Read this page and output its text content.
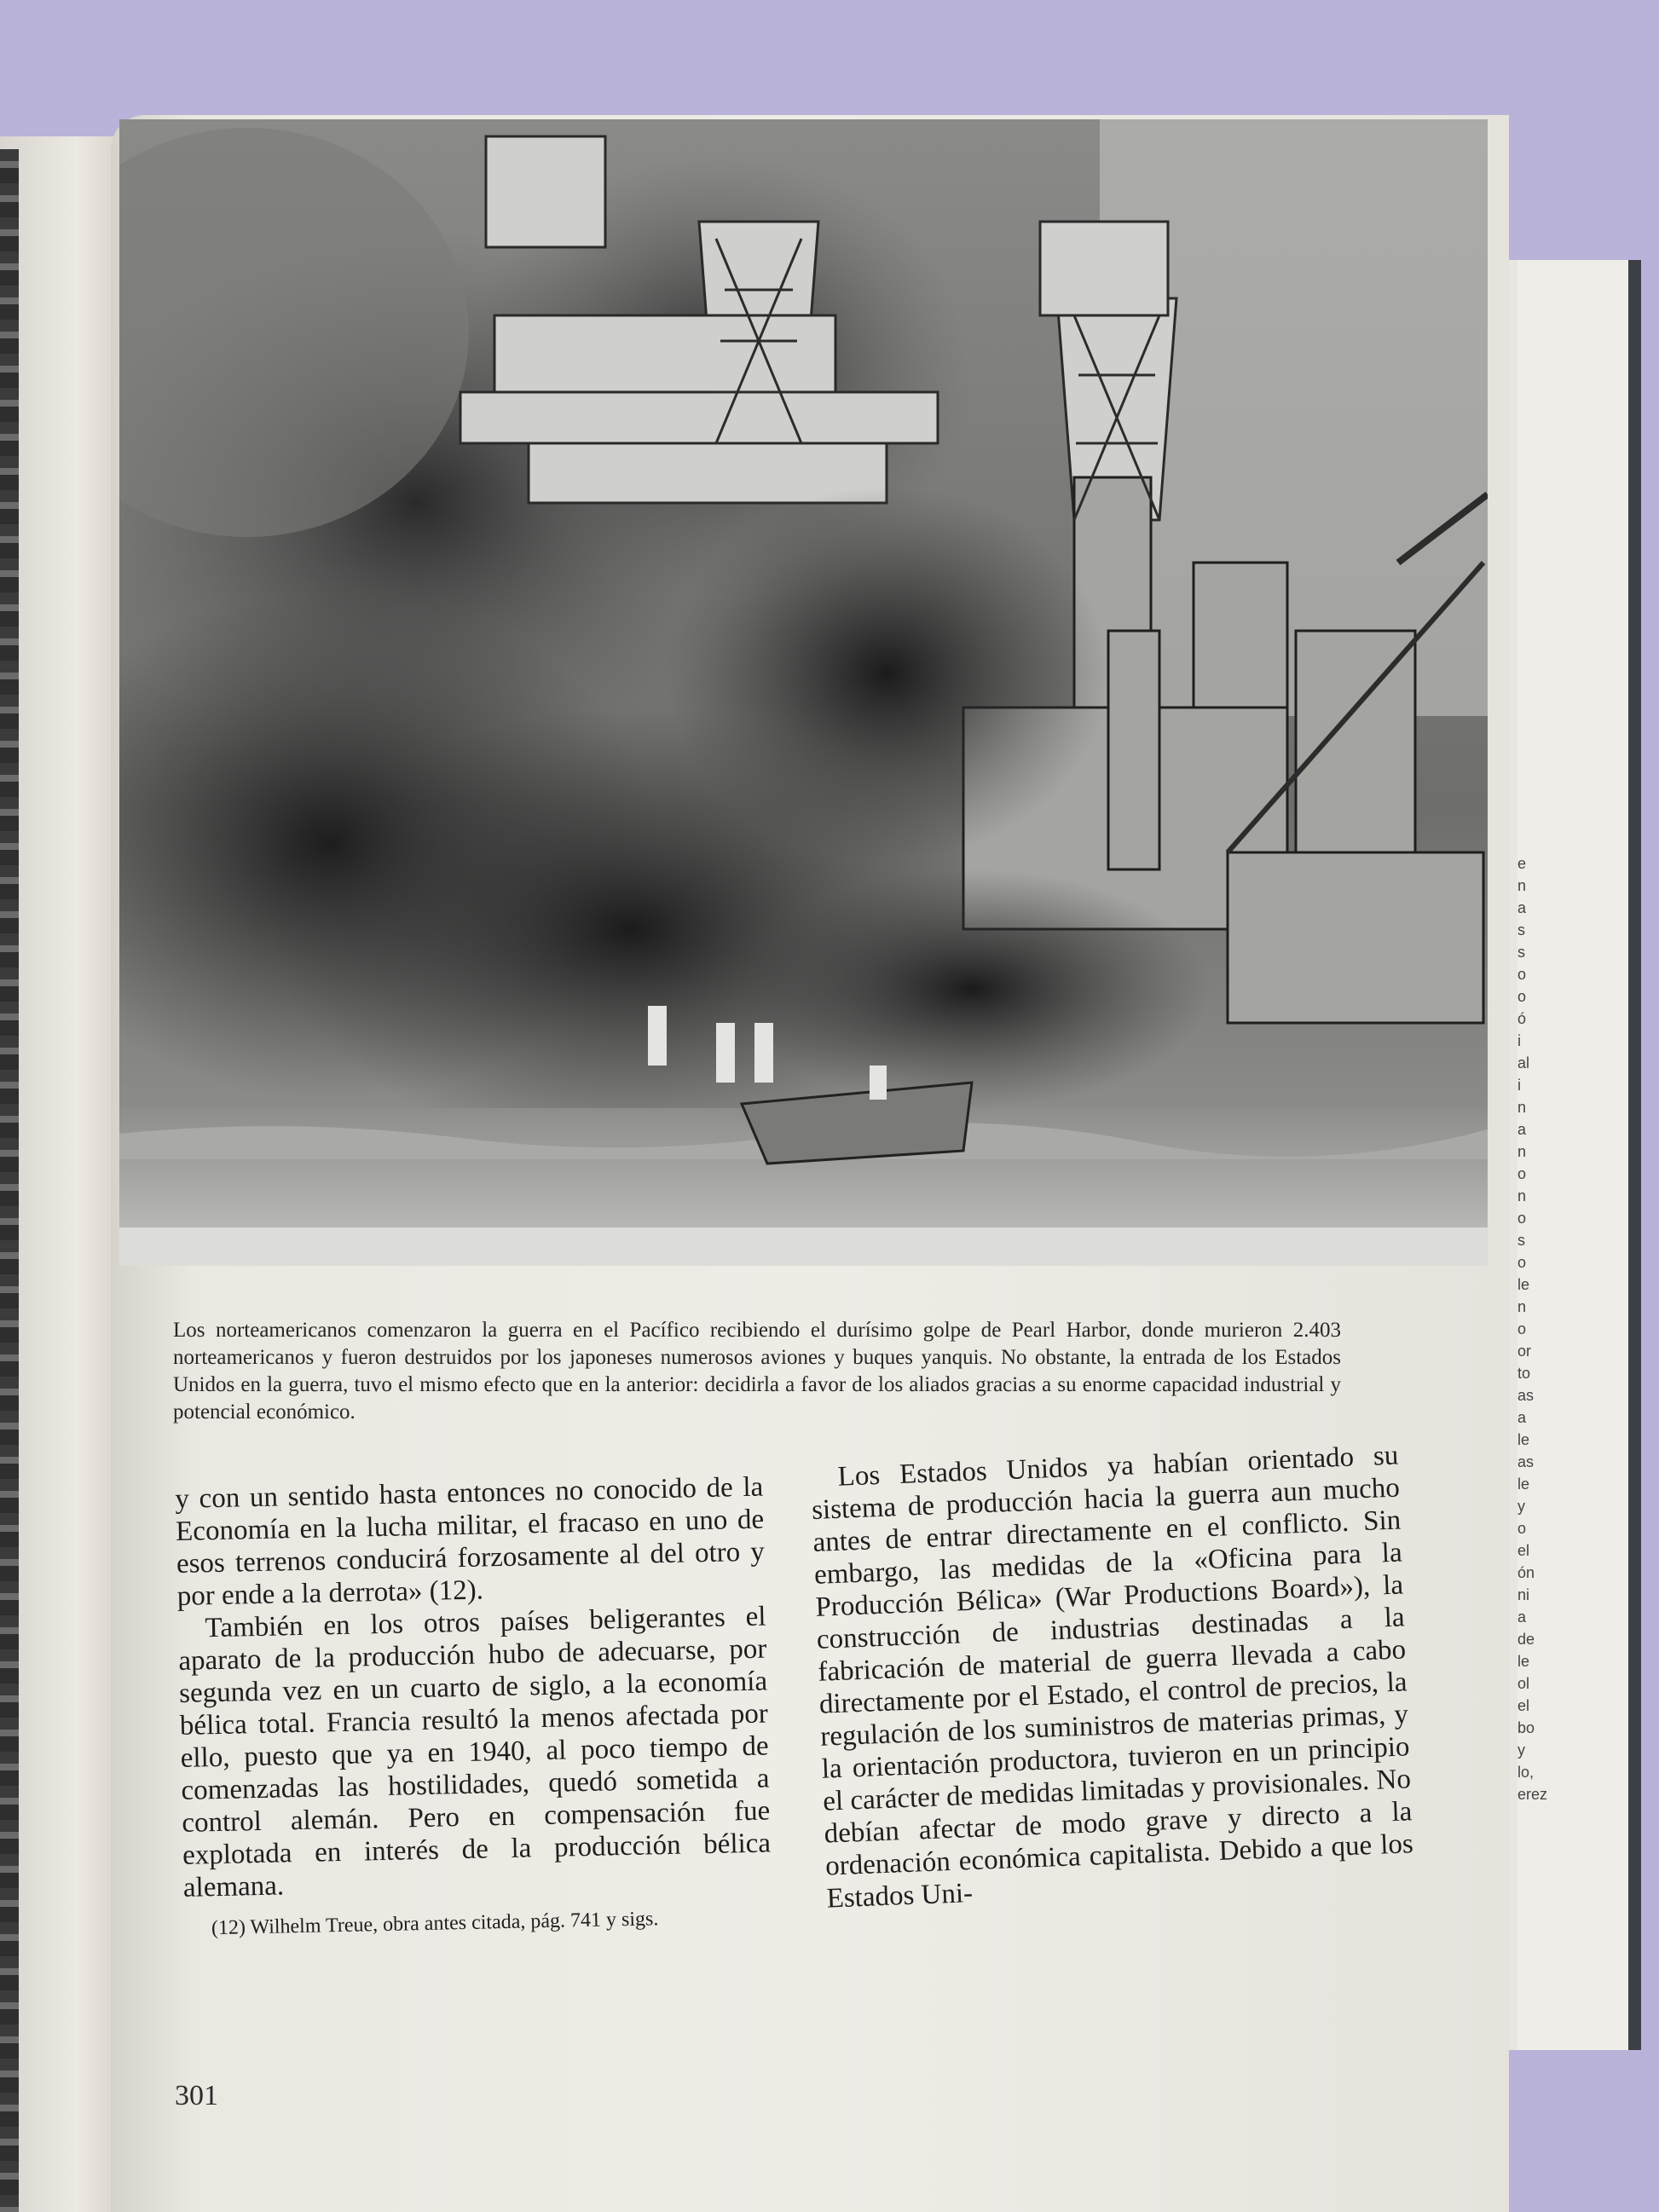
Los norteamericanos comenzaron la guerra en el Pacífico recibiendo el durísimo golpe de Pearl Harbor, donde murieron 2.403 norteamericanos y fueron destruidos por los japoneses numerosos aviones y buques yanquis. No obstante, la entrada de los Estados Unidos en la guerra, tuvo el mismo efecto que en la anterior: decidirla a favor de los aliados gracias a su enorme capacidad industrial y potencial económico.

y con un sentido hasta entonces no conocido de la Economía en la lucha militar, el fracaso en uno de esos terrenos conducirá forzosamente al del otro y por ende a la derrota» (12).

También en los otros países beligerantes el aparato de la producción hubo de adecuarse, por segunda vez en un cuarto de siglo, a la economía bélica total. Francia resultó la menos afectada por ello, puesto que ya en 1940, al poco tiempo de comenzadas las hostilidades, quedó sometida a control alemán. Pero en compensación fue explotada en interés de la producción bélica alemana.

(12) Wilhelm Treue, obra antes citada, pág. 741 y sigs.

Los Estados Unidos ya habían orientado su sistema de producción hacia la guerra aun mucho antes de entrar directamente en el conflicto. Sin embargo, las medidas de la «Oficina para la Producción Bélica» (War Productions Board»), la construcción de industrias destinadas a la fabricación de material de guerra llevada a cabo directamente por el Estado, el control de precios, la regulación de los suministros de materias primas, y la orientación productora, tuvieron en un principio el carácter de medidas limitadas y provisionales. No debían afectar de modo grave y directo a la ordenación económica capitalista. Debido a que los Estados Uni-

301
e
n
a
s
s
o
o
ó
i
al
i
n
a
n
o
n
o
s
o
le
n
o
or
to
as
a
le
as
le
y
o
el
ón
ni
a
de
le
ol
el
bo
y
lo,
erez
